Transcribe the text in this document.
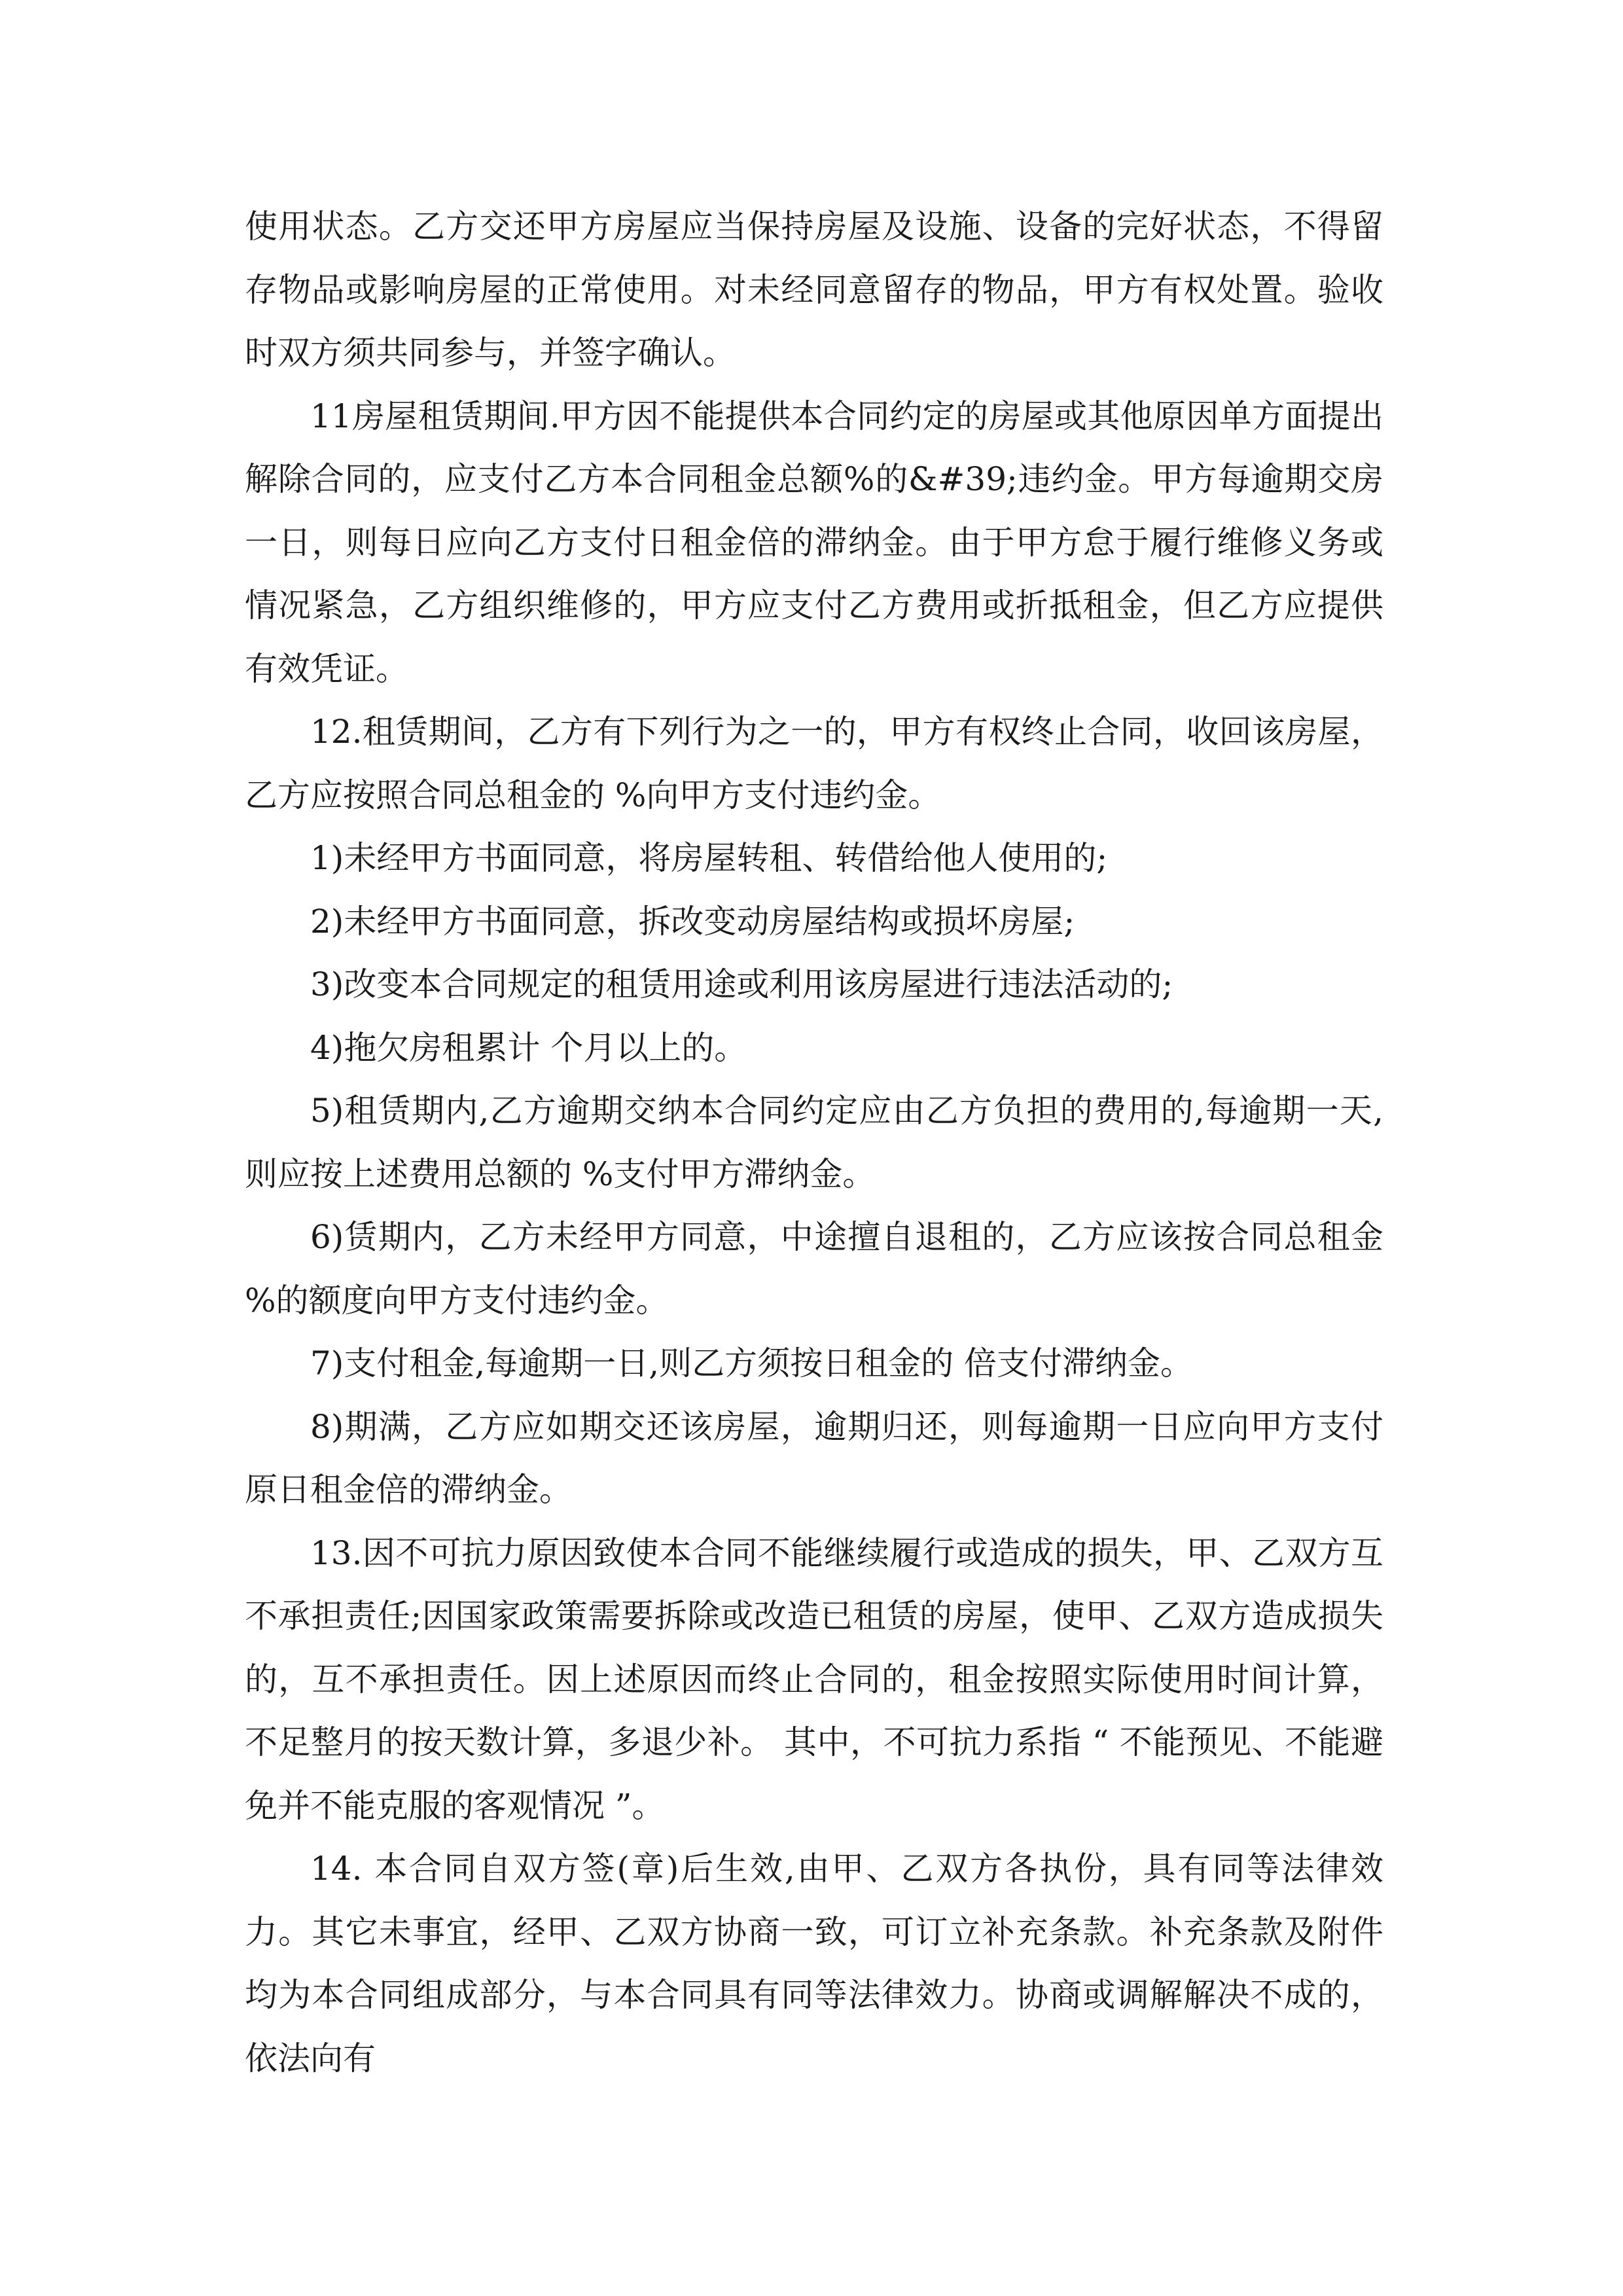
使用状态。乙方交还甲方房屋应当保持房屋及设施、设备的完好状态，不得留存物品或影响房屋的正常使用。对未经同意留存的物品，甲方有权处置。验收时双方须共同参与，并签字确认。

11房屋租赁期间.甲方因不能提供本合同约定的房屋或其他原因单方面提出解除合同的，应支付乙方本合同租金总额%的&#39;违约金。甲方每逾期交房一日，则每日应向乙方支付日租金倍的滞纳金。由于甲方怠于履行维修义务或情况紧急，乙方组织维修的，甲方应支付乙方费用或折抵租金，但乙方应提供有效凭证。

12.租赁期间，乙方有下列行为之一的，甲方有权终止合同，收回该房屋，乙方应按照合同总租金的 %向甲方支付违约金。

1)未经甲方书面同意，将房屋转租、转借给他人使用的;

2)未经甲方书面同意，拆改变动房屋结构或损坏房屋;

3)改变本合同规定的租赁用途或利用该房屋进行违法活动的;

4)拖欠房租累计 个月以上的。

5)租赁期内,乙方逾期交纳本合同约定应由乙方负担的费用的,每逾期一天,则应按上述费用总额的 %支付甲方滞纳金。

6)赁期内，乙方未经甲方同意，中途擅自退租的，乙方应该按合同总租金 %的额度向甲方支付违约金。

7)支付租金,每逾期一日,则乙方须按日租金的 倍支付滞纳金。

8)期满，乙方应如期交还该房屋，逾期归还，则每逾期一日应向甲方支付原日租金倍的滞纳金。

13.因不可抗力原因致使本合同不能继续履行或造成的损失，甲、乙双方互不承担责任;因国家政策需要拆除或改造已租赁的房屋，使甲、乙双方造成损失的，互不承担责任。因上述原因而终止合同的，租金按照实际使用时间计算，不足整月的按天数计算，多退少补。 其中，不可抗力系指 “ 不能预见、不能避免并不能克服的客观情况 ”。

14. 本合同自双方签(章)后生效,由甲、乙双方各执份，具有同等法律效力。其它未事宜，经甲、乙双方协商一致，可订立补充条款。补充条款及附件均为本合同组成部分，与本合同具有同等法律效力。协商或调解解决不成的，依法向有
